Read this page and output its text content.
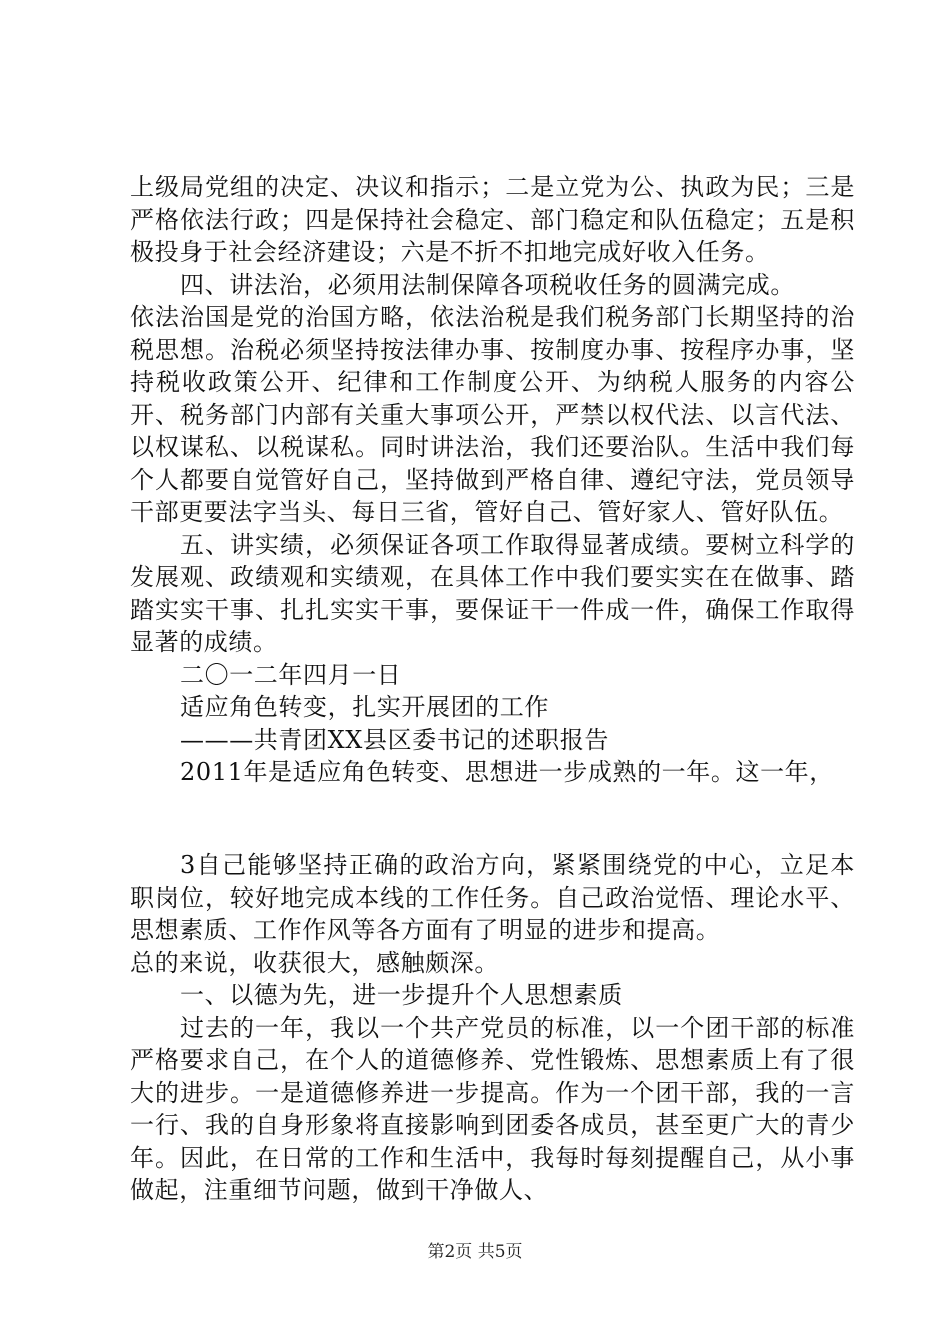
上级局党组的决定、决议和指示；二是立党为公、执政为民；三是严格依法行政；四是保持社会稳定、部门稳定和队伍稳定；五是积极投身于社会经济建设；六是不折不扣地完成好收入任务。

四、讲法治，必须用法制保障各项税收任务的圆满完成。

依法治国是党的治国方略，依法治税是我们税务部门长期坚持的治税思想。治税必须坚持按法律办事、按制度办事、按程序办事，坚持税收政策公开、纪律和工作制度公开、为纳税人服务的内容公开、税务部门内部有关重大事项公开，严禁以权代法、以言代法、以权谋私、以税谋私。同时讲法治，我们还要治队。生活中我们每个人都要自觉管好自己，坚持做到严格自律、遵纪守法，党员领导干部更要法字当头、每日三省，管好自己、管好家人、管好队伍。

五、讲实绩，必须保证各项工作取得显著成绩。要树立科学的发展观、政绩观和实绩观，在具体工作中我们要实实在在做事、踏踏实实干事、扎扎实实干事，要保证干一件成一件，确保工作取得显著的成绩。

二〇一二年四月一日

适应角色转变，扎实开展团的工作

———共青团XX县区委书记的述职报告

2011年是适应角色转变、思想进一步成熟的一年。这一年，

3自己能够坚持正确的政治方向，紧紧围绕党的中心，立足本职岗位，较好地完成本线的工作任务。自己政治觉悟、理论水平、思想素质、工作作风等各方面有了明显的进步和提高。

总的来说，收获很大，感触颇深。

一、以德为先，进一步提升个人思想素质

过去的一年，我以一个共产党员的标准，以一个团干部的标准严格要求自己，在个人的道德修养、党性锻炼、思想素质上有了很大的进步。一是道德修养进一步提高。作为一个团干部，我的一言一行、我的自身形象将直接影响到团委各成员，甚至更广大的青少年。因此，在日常的工作和生活中，我每时每刻提醒自己，从小事做起，注重细节问题，做到干净做人、

第2页 共5页
